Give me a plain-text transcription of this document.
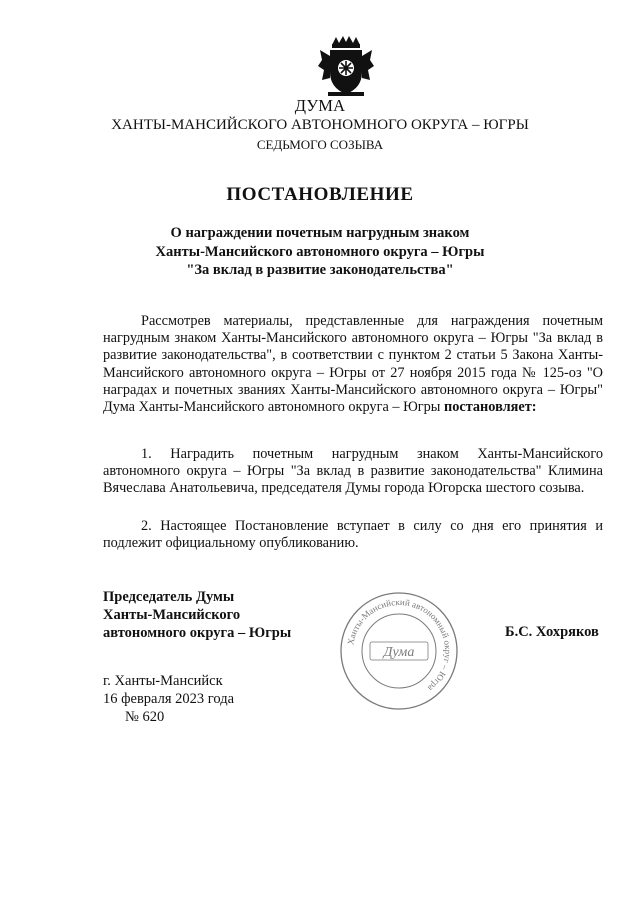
ДУМА

ХАНТЫ-МАНСИЙСКОГО АВТОНОМНОГО ОКРУГА – ЮГРЫ

СЕДЬМОГО СОЗЫВА

ПОСТАНОВЛЕНИЕ

О награждении почетным нагрудным знаком

Ханты-Мансийского автономного округа – Югры

"За вклад в развитие законодательства"

Рассмотрев материалы, представленные для награждения почетным нагрудным знаком Ханты-Мансийского автономного округа – Югры "За вклад в развитие законодательства", в соответствии с пунктом 2 статьи 5 Закона Ханты-Мансийского автономного округа – Югры от 27 ноября 2015 года № 125-оз "О наградах и почетных званиях Ханты-Мансийского автономного округа – Югры" Дума Ханты-Мансийского автономного округа – Югры постановляет:

1. Наградить почетным нагрудным знаком Ханты-Мансийского автономного округа – Югры "За вклад в развитие законодательства" Климина Вячеслава Анатольевича, председателя Думы города Югорска шестого созыва.

2. Настоящее Постановление вступает в силу со дня его принятия и подлежит официальному опубликованию.

Председатель Думы
Ханты-Мансийского
автономного округа – Югры
Ханты-Мансийский автономный округ – Югра
Дума

Б.С. Хохряков

г. Ханты-Мансийск
16 февраля 2023 года
№ 620
